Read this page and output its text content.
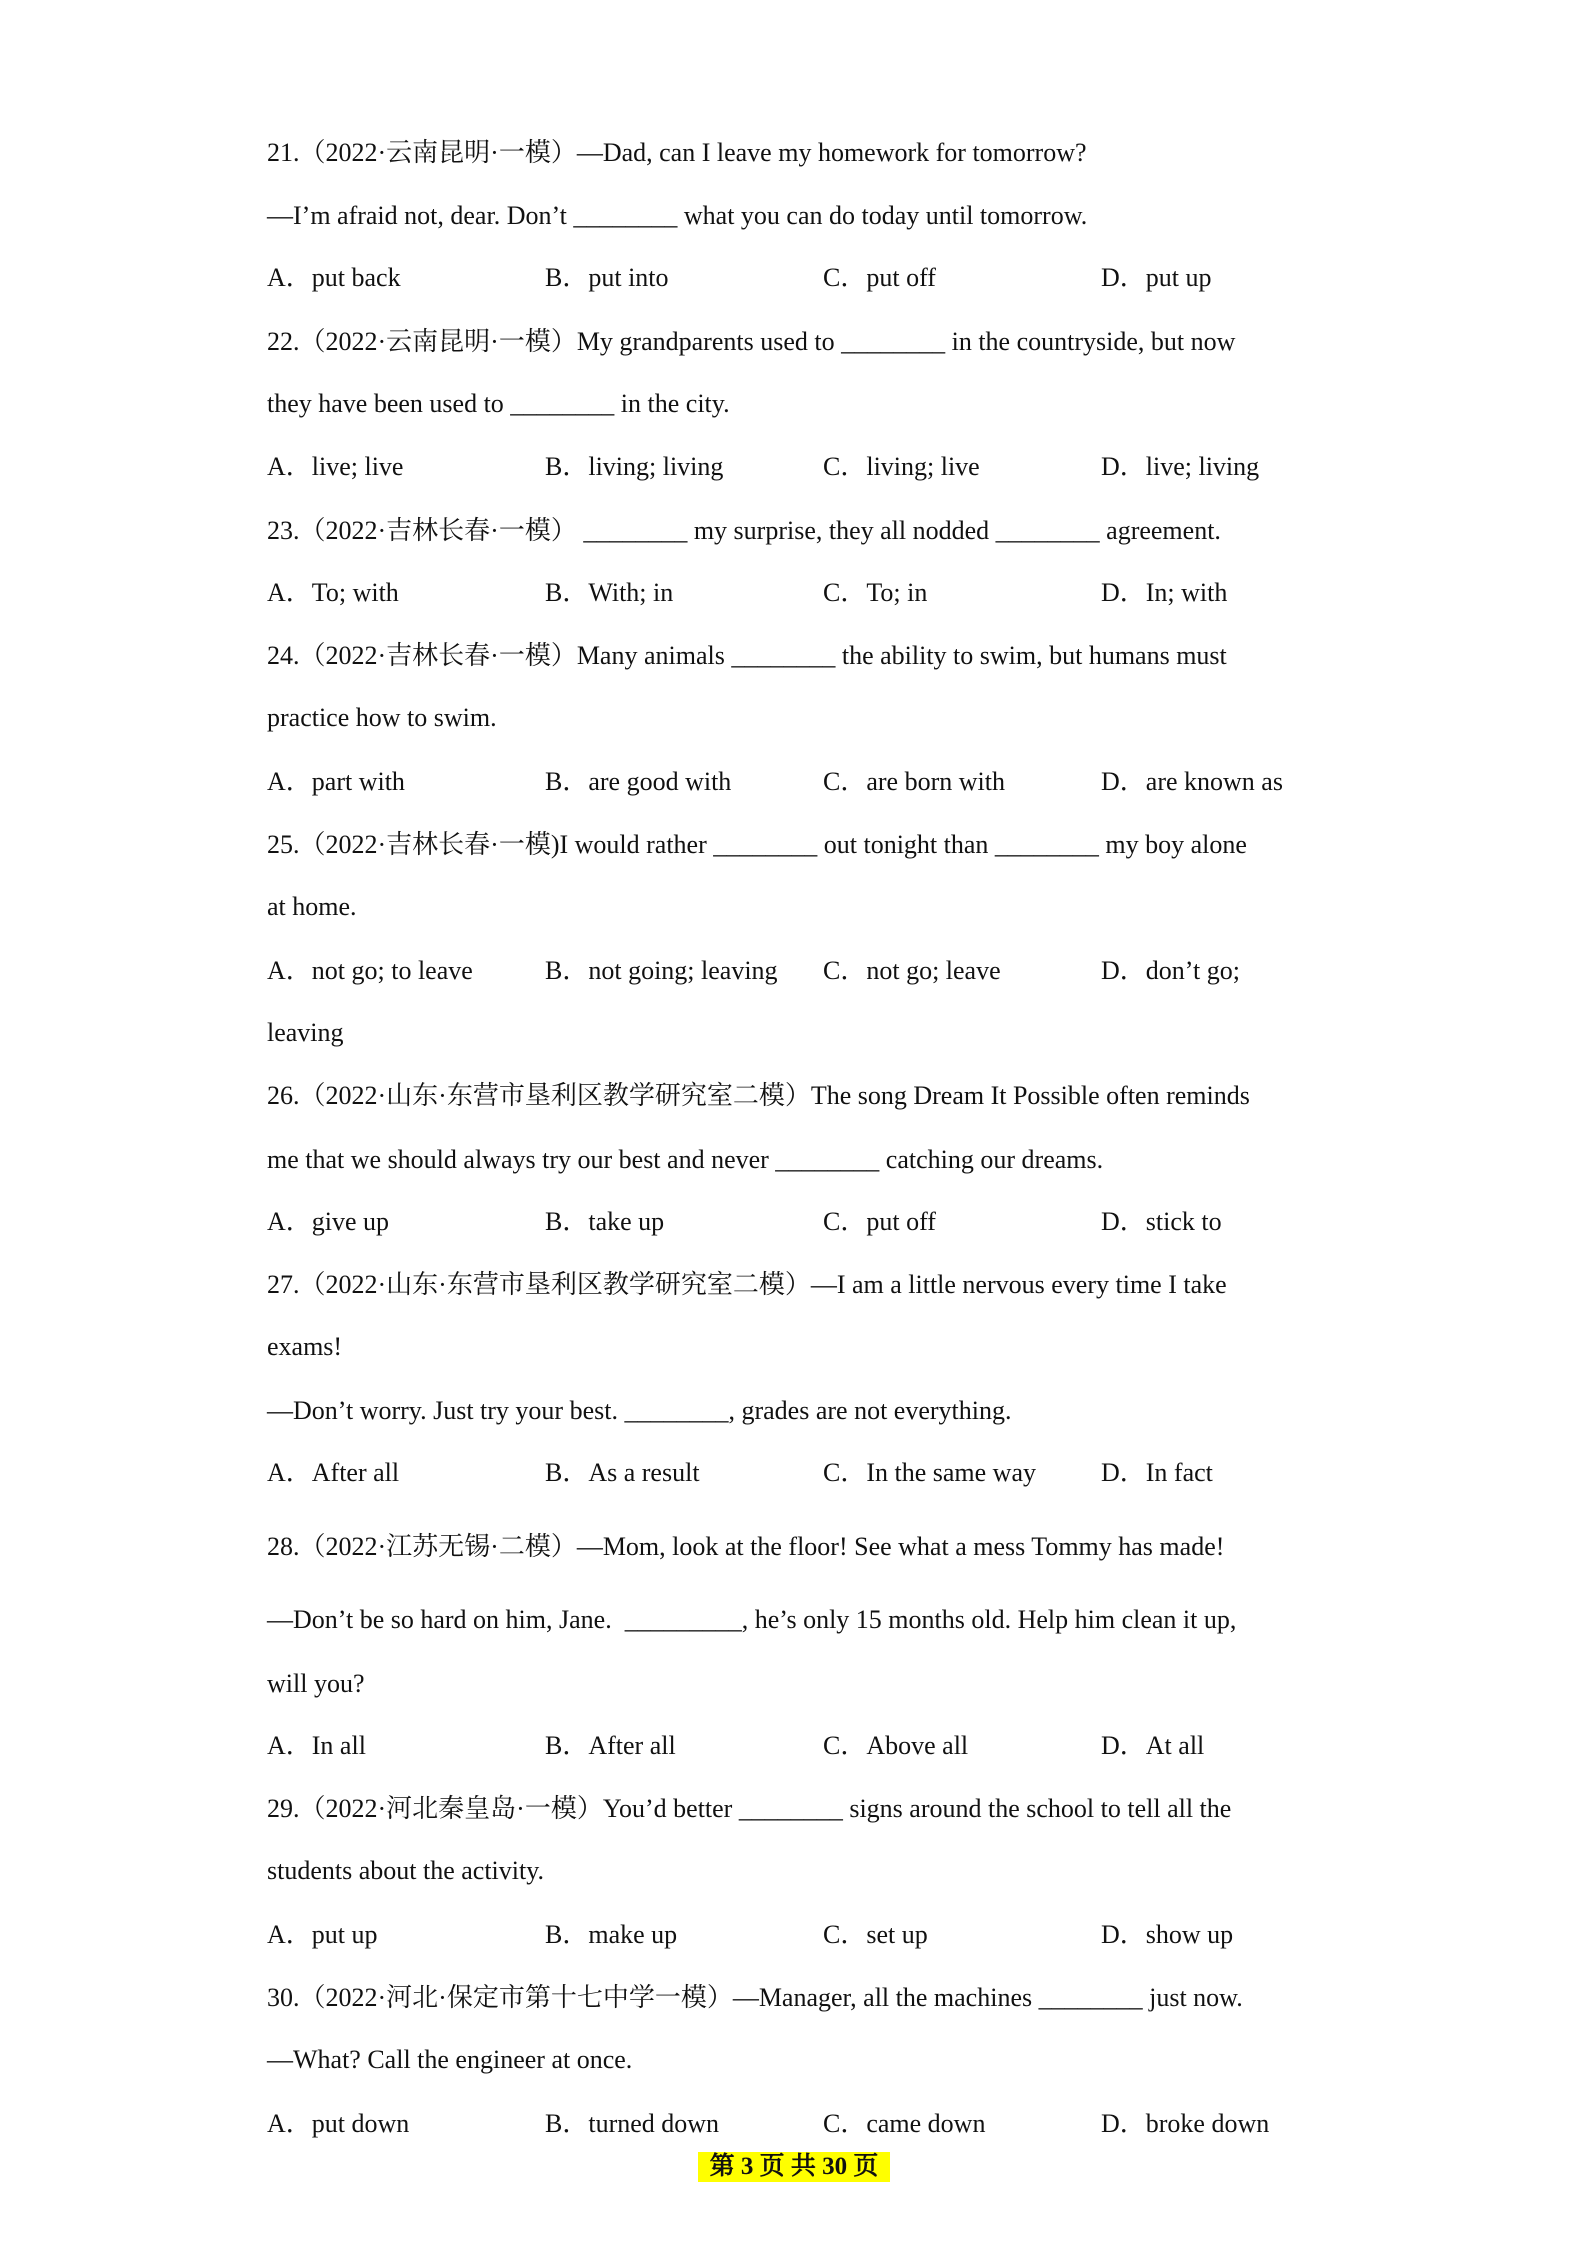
21.（2022·云南昆明·一模）—Dad, can I leave my homework for tomorrow?
—I’m afraid not, dear. Don’t ________ what you can do today until tomorrow.
A．put back	B．put into	C．put off	D．put up
22.（2022·云南昆明·一模）My grandparents used to ________ in the countryside, but now
they have been used to ________ in the city.
A．live; live	B．living; living	C．living; live	D．live; living
23.（2022·吉林长春·一模） ________ my surprise, they all nodded ________ agreement.
A．To; with	B．With; in	C．To; in	D．In; with
24.（2022·吉林长春·一模）Many animals ________ the ability to swim, but humans must
practice how to swim.
A．part with	B．are good with	C．are born with	D．are known as
25.（2022·吉林长春·一模)I would rather ________ out tonight than ________ my boy alone
at home.
A．not go; to leave	B．not going; leaving C．not go; leave	D．don’t go;
leaving
26.（2022·山东·东营市垦利区教学研究室二模）The song Dream It Possible often reminds
me that we should always try our best and never ________ catching our dreams.
A．give up	B．take up	C．put off	D．stick to
27.（2022·山东·东营市垦利区教学研究室二模）—I am a little nervous every time I take
exams!
—Don’t worry. Just try your best. ________, grades are not everything.
A．After all	B．As a result	C．In the same way D．In fact
28.（2022·江苏无锡·二模）—Mom, look at the floor! See what a mess Tommy has made!
—Don’t be so hard on him, Jane.  _________, he’s only 15 months old. Help him clean it up,
will you?
A．In all	B．After all	C．Above all	D．At all
29.（2022·河北秦皇岛·一模）You’d better ________ signs around the school to tell all the
students about the activity.
A．put up	B．make up	C．set up	D．show up
30.（2022·河北·保定市第十七中学一模）—Manager, all the machines ________ just now.
—What? Call the engineer at once.
A．put down	B．turned down	C．came down	D．broke down
第 3 页 共 30 页
